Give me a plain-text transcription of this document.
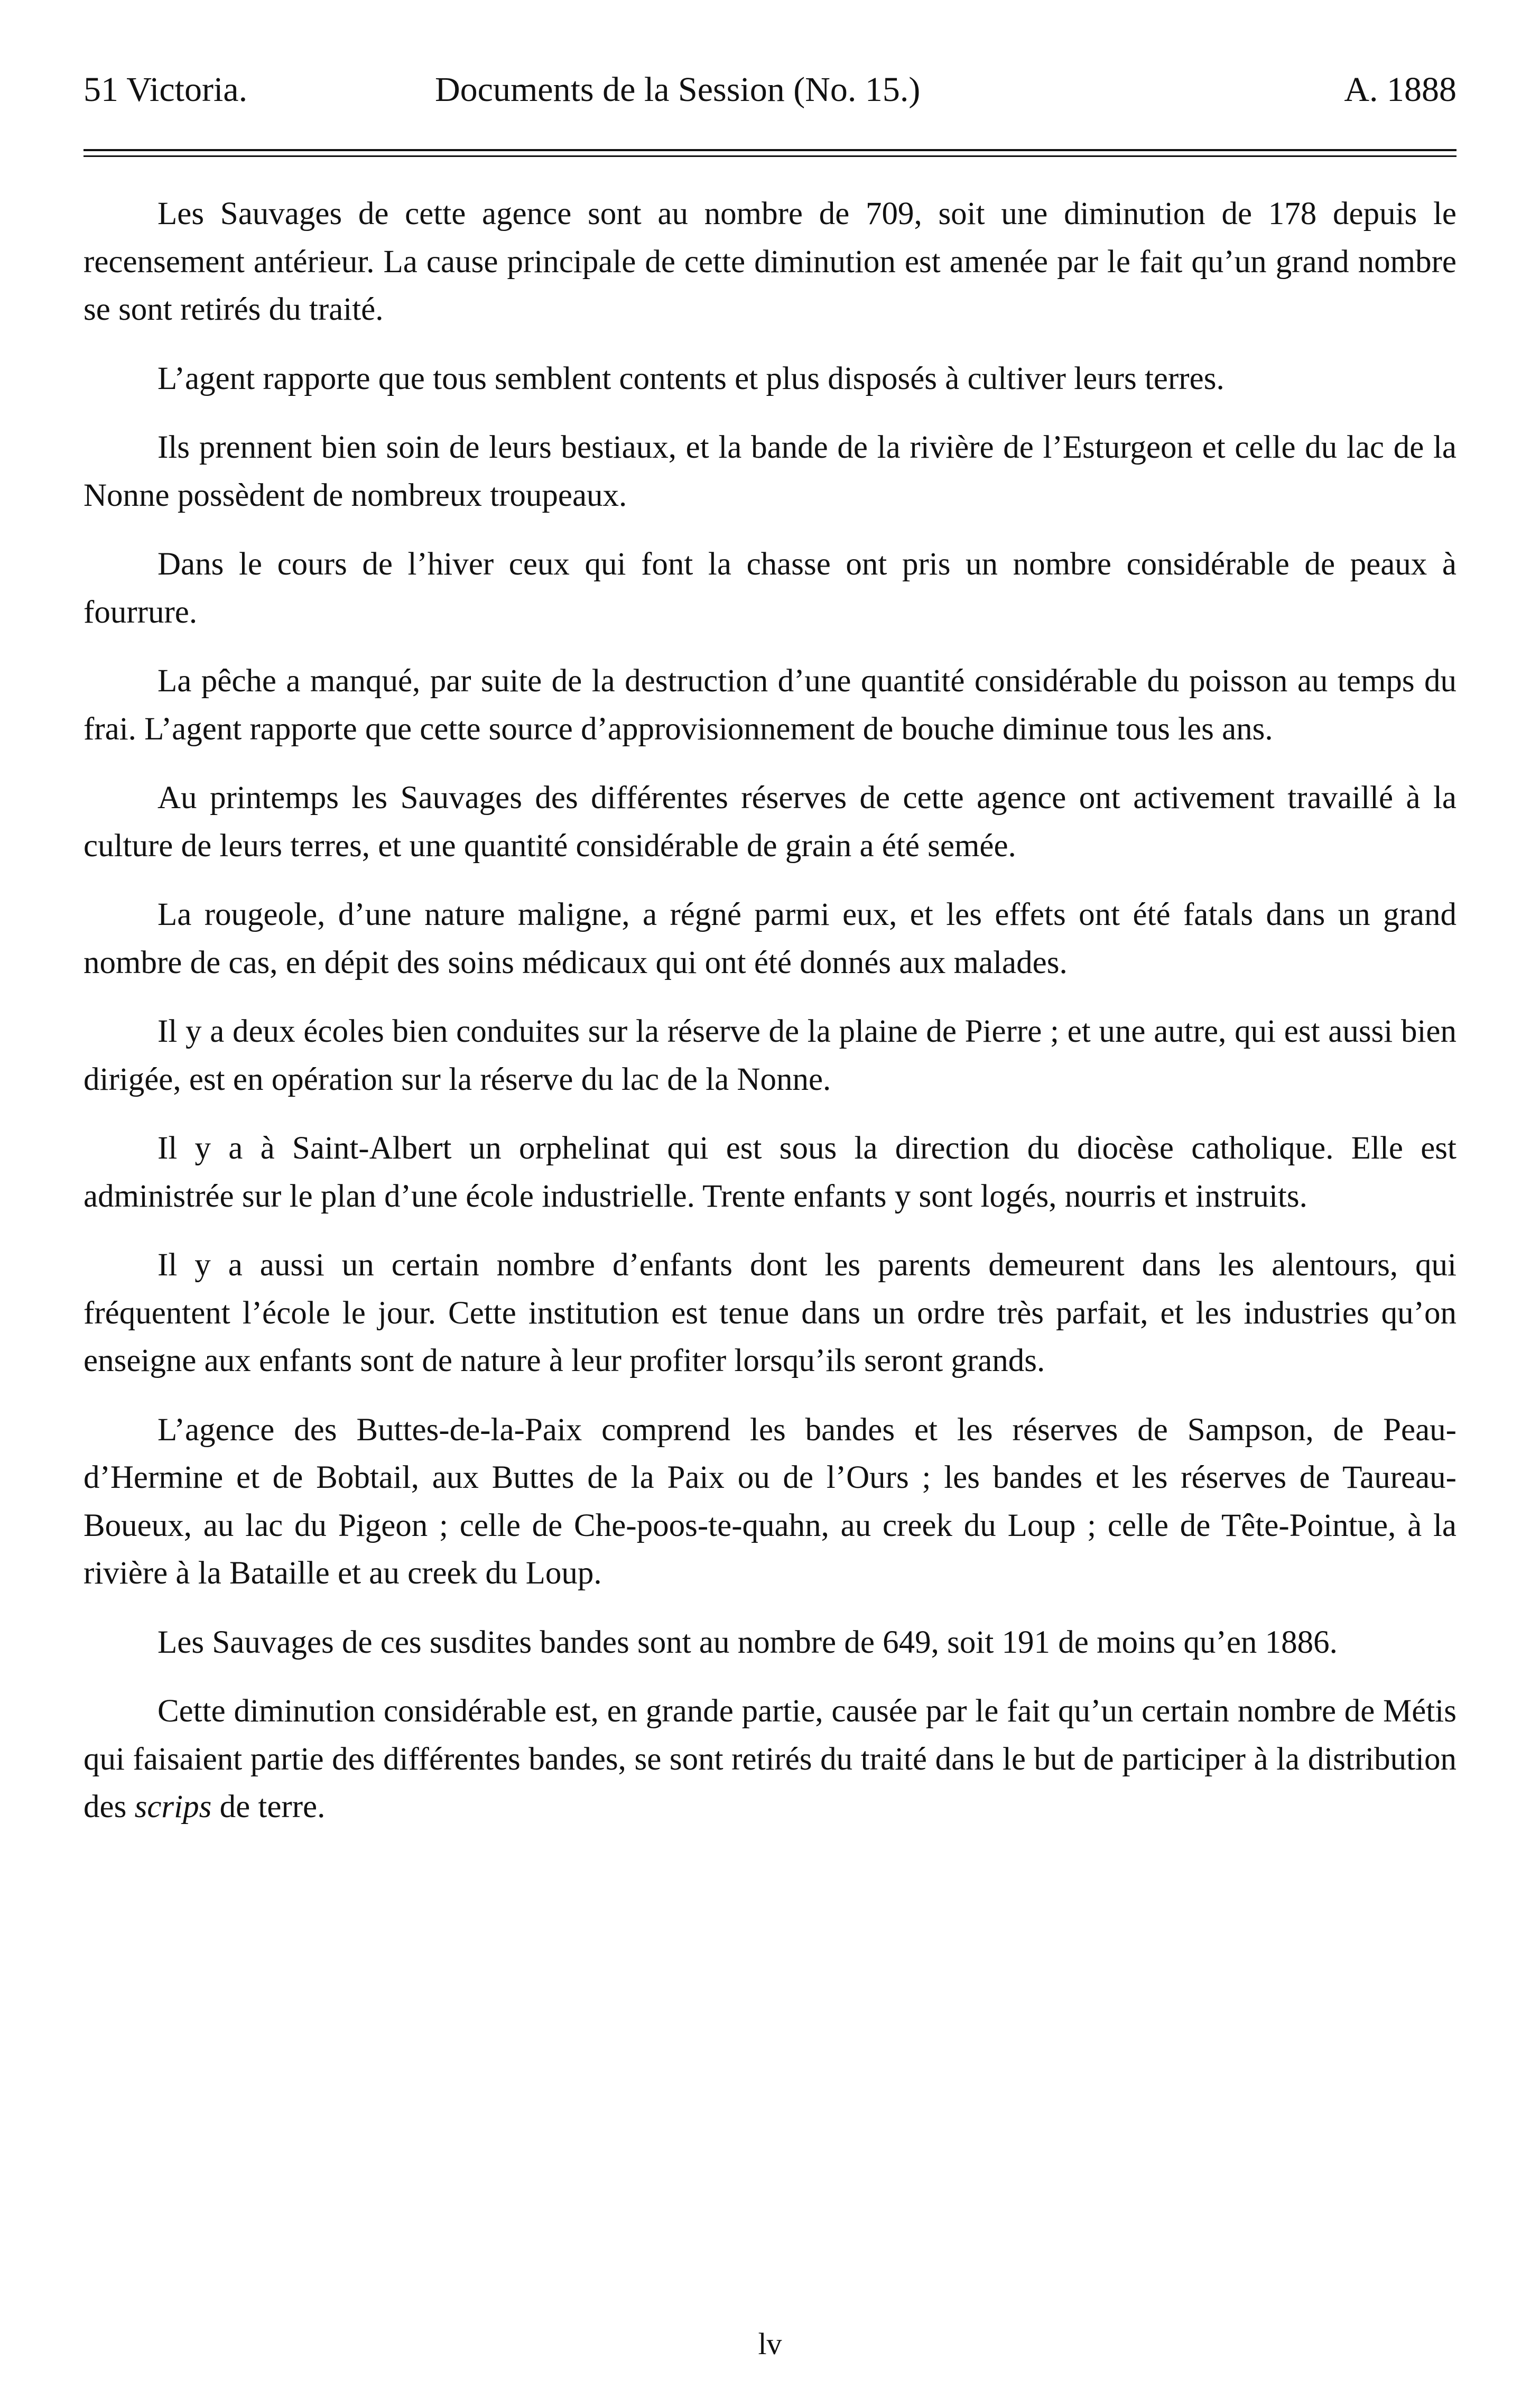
51 Victoria.	Documents de la Session (No. 15.)	A. 1888

Les Sauvages de cette agence sont au nombre de 709, soit une diminution de 178 depuis le recensement antérieur. La cause principale de cette diminution est amenée par le fait qu’un grand nombre se sont retirés du traité.

L’agent rapporte que tous semblent contents et plus disposés à cultiver leurs terres.

Ils prennent bien soin de leurs bestiaux, et la bande de la rivière de l’Esturgeon et celle du lac de la Nonne possèdent de nombreux troupeaux.

Dans le cours de l’hiver ceux qui font la chasse ont pris un nombre considérable de peaux à fourrure.

La pêche a manqué, par suite de la destruction d’une quantité considérable du poisson au temps du frai. L’agent rapporte que cette source d’approvisionnement de bouche diminue tous les ans.

Au printemps les Sauvages des différentes réserves de cette agence ont activement travaillé à la culture de leurs terres, et une quantité considérable de grain a été semée.

La rougeole, d’une nature maligne, a régné parmi eux, et les effets ont été fatals dans un grand nombre de cas, en dépit des soins médicaux qui ont été donnés aux malades.

Il y a deux écoles bien conduites sur la réserve de la plaine de Pierre ; et une autre, qui est aussi bien dirigée, est en opération sur la réserve du lac de la Nonne.

Il y a à Saint-Albert un orphelinat qui est sous la direction du diocèse catholique. Elle est administrée sur le plan d’une école industrielle. Trente enfants y sont logés, nourris et instruits.

Il y a aussi un certain nombre d’enfants dont les parents demeurent dans les alentours, qui fréquentent l’école le jour. Cette institution est tenue dans un ordre très parfait, et les industries qu’on enseigne aux enfants sont de nature à leur profiter lorsqu’ils seront grands.

L’agence des Buttes-de-la-Paix comprend les bandes et les réserves de Sampson, de Peau-d’Hermine et de Bobtail, aux Buttes de la Paix ou de l’Ours ; les bandes et les réserves de Taureau-Boueux, au lac du Pigeon ; celle de Che-poos-te-quahn, au creek du Loup ; celle de Tête-Pointue, à la rivière à la Bataille et au creek du Loup.

Les Sauvages de ces susdites bandes sont au nombre de 649, soit 191 de moins qu’en 1886.

Cette diminution considérable est, en grande partie, causée par le fait qu’un certain nombre de Métis qui faisaient partie des différentes bandes, se sont retirés du traité dans le but de participer à la distribution des scrips de terre.

lv
